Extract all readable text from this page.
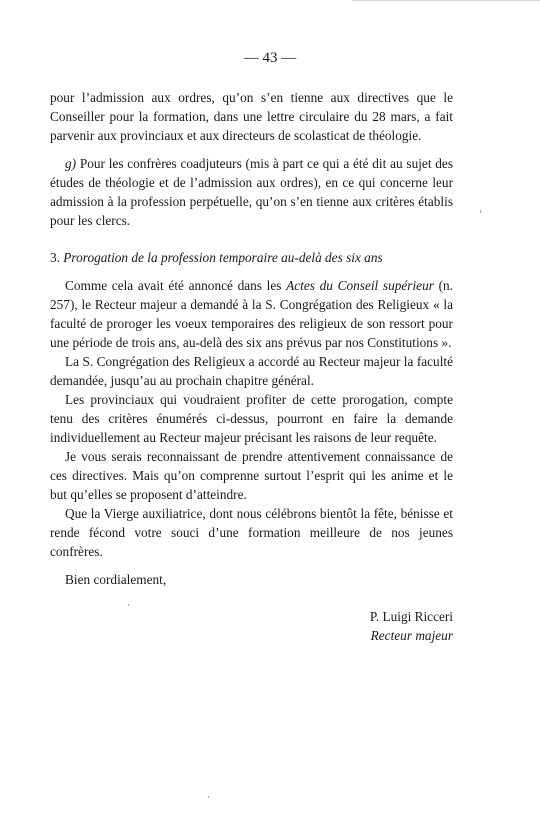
— 43 —

pour l’admission aux ordres, qu’on s’en tienne aux directives que le Conseiller pour la formation, dans une lettre circulaire du 28 mars, a fait parvenir aux provinciaux et aux directeurs de scolasticat de théologie.

g) Pour les confrères coadjuteurs (mis à part ce qui a été dit au sujet des études de théologie et de l’admission aux ordres), en ce qui concerne leur admission à la profession perpétuelle, qu’on s’en tienne aux critères établis pour les clercs.

3. Prorogation de la profession temporaire au-delà des six ans

Comme cela avait été annoncé dans les Actes du Conseil supérieur (n. 257), le Recteur majeur a demandé à la S. Congrégation des Religieux « la faculté de proroger les voeux temporaires des religieux de son ressort pour une période de trois ans, au-delà des six ans prévus par nos Constitutions ».

La S. Congrégation des Religieux a accordé au Recteur majeur la faculté demandée, jusqu’au au prochain chapitre général.

Les provinciaux qui voudraient profiter de cette prorogation, compte tenu des critères énumérés ci-dessus, pourront en faire la demande individuellement au Recteur majeur précisant les raisons de leur requête.

Je vous serais reconnaissant de prendre attentivement connaissance de ces directives. Mais qu’on comprenne surtout l’esprit qui les anime et le but qu’elles se proposent d’atteindre.

Que la Vierge auxiliatrice, dont nous célébrons bientôt la fête, bénisse et rende fécond votre souci d’une formation meilleure de nos jeunes confrères.

Bien cordialement,

P. Luigi Ricceri
Recteur majeur
